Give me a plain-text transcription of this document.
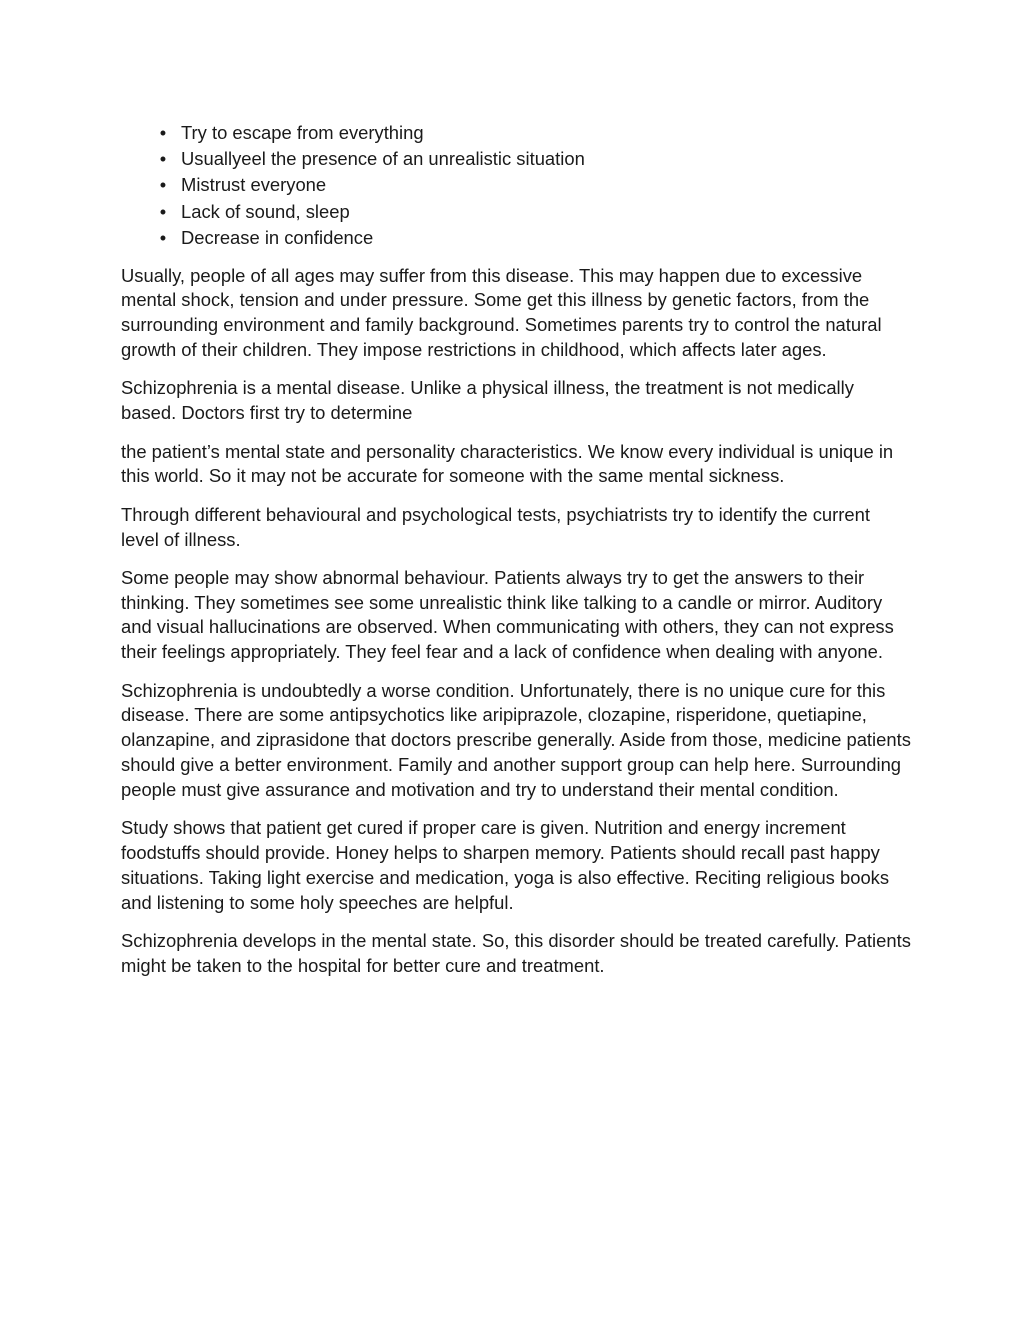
• Try to escape from everything
• Usuallyeel the presence of an unrealistic situation
• Mistrust everyone
• Lack of sound, sleep
• Decrease in confidence

Usually, people of all ages may suffer from this disease. This may happen due to excessive mental shock, tension and under pressure. Some get this illness by genetic factors, from the surrounding environment and family background. Sometimes parents try to control the natural growth of their children. They impose restrictions in childhood, which affects later ages.

Schizophrenia is a mental disease. Unlike a physical illness, the treatment is not medically based. Doctors first try to determine

the patient’s mental state and personality characteristics. We know every individual is unique in this world. So it may not be accurate for someone with the same mental sickness.

Through different behavioural and psychological tests, psychiatrists try to identify the current level of illness.

Some people may show abnormal behaviour. Patients always try to get the answers to their thinking. They sometimes see some unrealistic think like talking to a candle or mirror. Auditory and visual hallucinations are observed. When communicating with others, they can not express their feelings appropriately. They feel fear and a lack of confidence when dealing with anyone.

Schizophrenia is undoubtedly a worse condition. Unfortunately, there is no unique cure for this disease. There are some antipsychotics like aripiprazole, clozapine, risperidone, quetiapine, olanzapine, and ziprasidone that doctors prescribe generally. Aside from those, medicine patients should give a better environment. Family and another support group can help here. Surrounding people must give assurance and motivation and try to understand their mental condition.

Study shows that patient get cured if proper care is given. Nutrition and energy increment foodstuffs should provide. Honey helps to sharpen memory. Patients should recall past happy situations. Taking light exercise and medication, yoga is also effective. Reciting religious books and listening to some holy speeches are helpful.

Schizophrenia develops in the mental state. So, this disorder should be treated carefully. Patients might be taken to the hospital for better cure and treatment.
